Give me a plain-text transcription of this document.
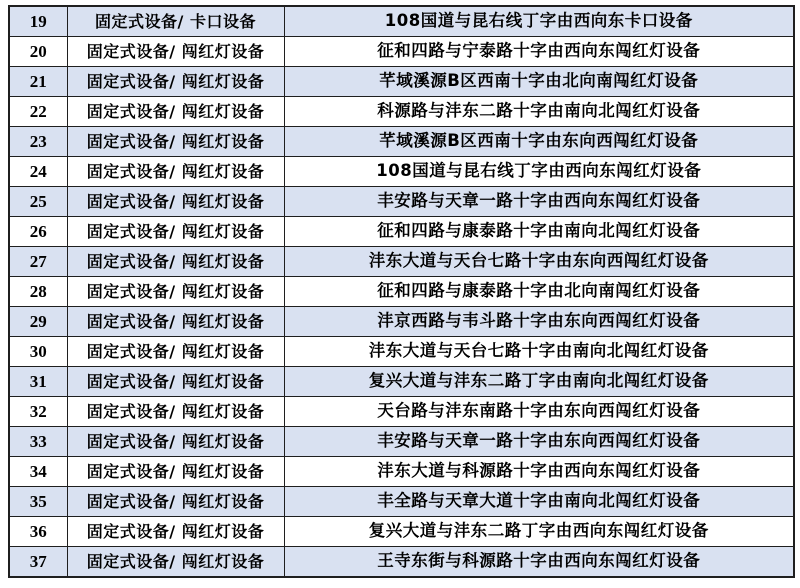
19	固定式设备/ 卡口设备	108国道与昆右线丁字由西向东卡口设备
20	固定式设备/ 闯红灯设备	征和四路与宁泰路十字由西向东闯红灯设备
21	固定式设备/ 闯红灯设备	芊域溪源B区西南十字由北向南闯红灯设备
22	固定式设备/ 闯红灯设备	科源路与沣东二路十字由南向北闯红灯设备
23	固定式设备/ 闯红灯设备	芊域溪源B区西南十字由东向西闯红灯设备
24	固定式设备/ 闯红灯设备	108国道与昆右线丁字由西向东闯红灯设备
25	固定式设备/ 闯红灯设备	丰安路与天章一路十字由西向东闯红灯设备
26	固定式设备/ 闯红灯设备	征和四路与康泰路十字由南向北闯红灯设备
27	固定式设备/ 闯红灯设备	沣东大道与天台七路十字由东向西闯红灯设备
28	固定式设备/ 闯红灯设备	征和四路与康泰路十字由北向南闯红灯设备
29	固定式设备/ 闯红灯设备	沣京西路与韦斗路十字由东向西闯红灯设备
30	固定式设备/ 闯红灯设备	沣东大道与天台七路十字由南向北闯红灯设备
31	固定式设备/ 闯红灯设备	复兴大道与沣东二路丁字由南向北闯红灯设备
32	固定式设备/ 闯红灯设备	天台路与沣东南路十字由东向西闯红灯设备
33	固定式设备/ 闯红灯设备	丰安路与天章一路十字由东向西闯红灯设备
34	固定式设备/ 闯红灯设备	沣东大道与科源路十字由西向东闯红灯设备
35	固定式设备/ 闯红灯设备	丰全路与天章大道十字由南向北闯红灯设备
36	固定式设备/ 闯红灯设备	复兴大道与沣东二路丁字由西向东闯红灯设备
37	固定式设备/ 闯红灯设备	王寺东街与科源路十字由西向东闯红灯设备
